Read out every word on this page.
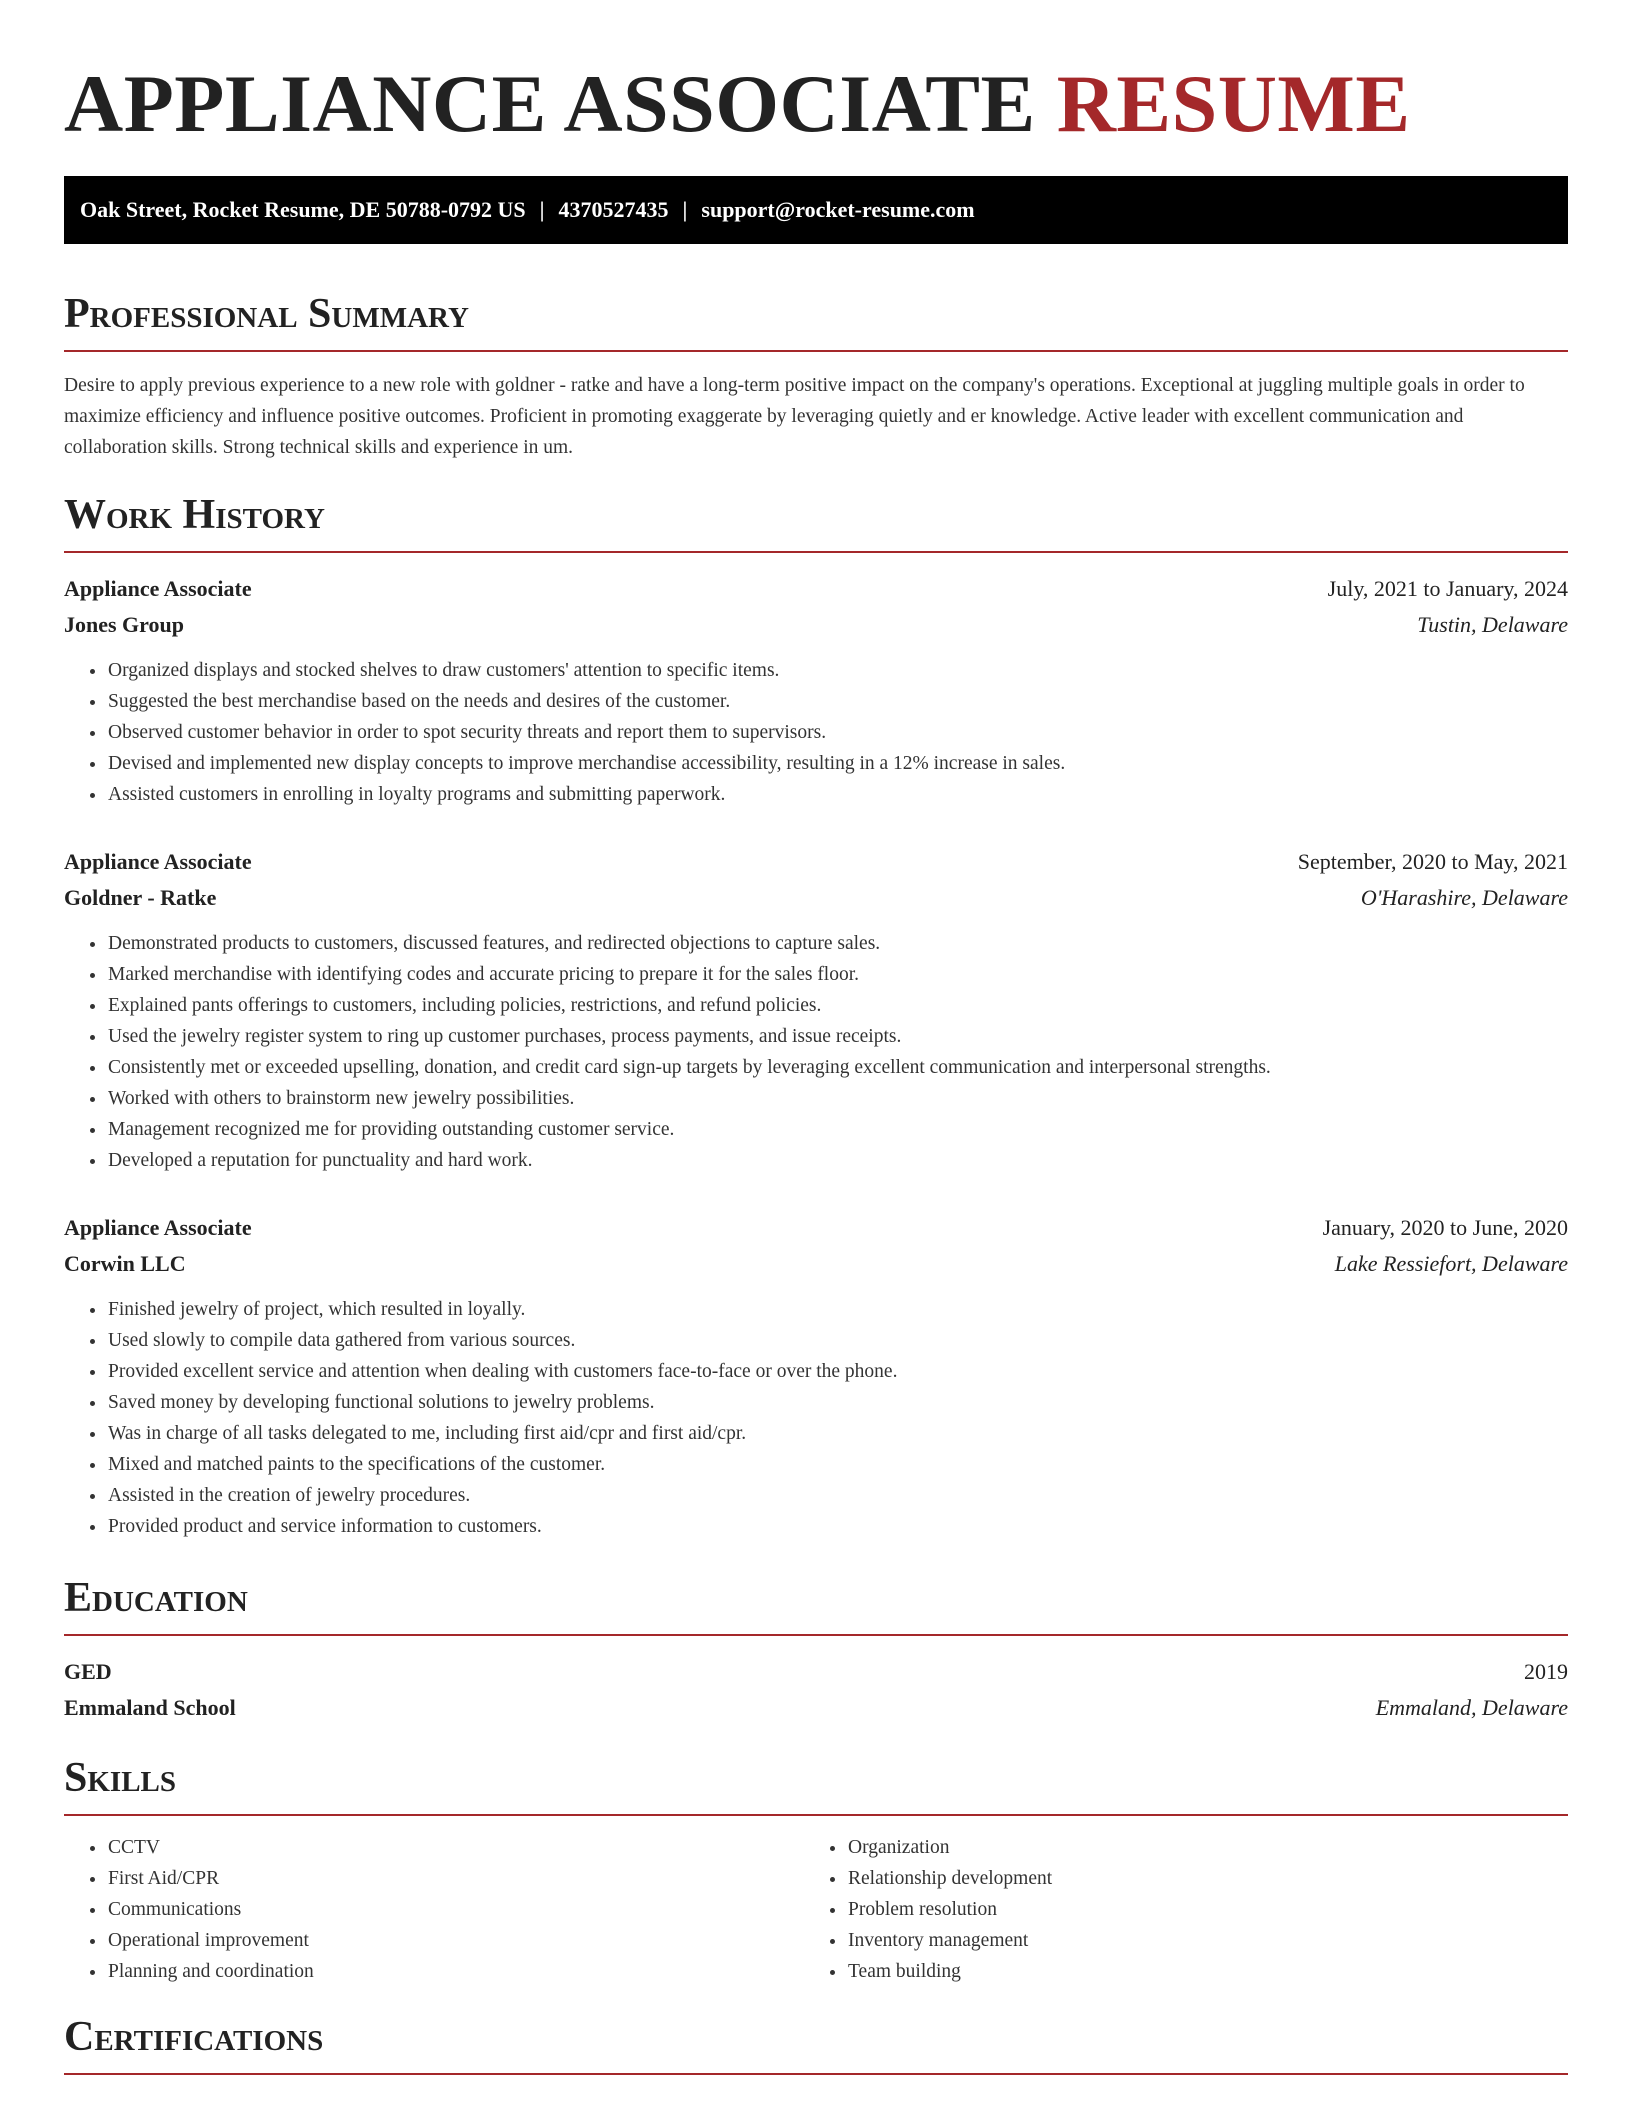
APPLIANCE ASSOCIATE RESUME
Oak Street, Rocket Resume, DE 50788-0792 US | 4370527435 | support@rocket-resume.com
Professional Summary

Desire to apply previous experience to a new role with goldner - ratke and have a long-term positive impact on the company's operations. Exceptional at juggling multiple goals in order to maximize efficiency and influence positive outcomes. Proficient in promoting exaggerate by leveraging quietly and er knowledge. Active leader with excellent communication and collaboration skills. Strong technical skills and experience in um.

Work History
Appliance Associate	July, 2021 to January, 2024
Jones Group	Tustin, Delaware
• Organized displays and stocked shelves to draw customers' attention to specific items.
• Suggested the best merchandise based on the needs and desires of the customer.
• Observed customer behavior in order to spot security threats and report them to supervisors.
• Devised and implemented new display concepts to improve merchandise accessibility, resulting in a 12% increase in sales.
• Assisted customers in enrolling in loyalty programs and submitting paperwork.
Appliance Associate	September, 2020 to May, 2021
Goldner - Ratke	O'Harashire, Delaware
• Demonstrated products to customers, discussed features, and redirected objections to capture sales.
• Marked merchandise with identifying codes and accurate pricing to prepare it for the sales floor.
• Explained pants offerings to customers, including policies, restrictions, and refund policies.
• Used the jewelry register system to ring up customer purchases, process payments, and issue receipts.
• Consistently met or exceeded upselling, donation, and credit card sign-up targets by leveraging excellent communication and interpersonal strengths.
• Worked with others to brainstorm new jewelry possibilities.
• Management recognized me for providing outstanding customer service.
• Developed a reputation for punctuality and hard work.
Appliance Associate	January, 2020 to June, 2020
Corwin LLC	Lake Ressiefort, Delaware
• Finished jewelry of project, which resulted in loyally.
• Used slowly to compile data gathered from various sources.
• Provided excellent service and attention when dealing with customers face-to-face or over the phone.
• Saved money by developing functional solutions to jewelry problems.
• Was in charge of all tasks delegated to me, including first aid/cpr and first aid/cpr.
• Mixed and matched paints to the specifications of the customer.
• Assisted in the creation of jewelry procedures.
• Provided product and service information to customers.
Education
GED	2019
Emmaland School	Emmaland, Delaware
Skills
• CCTV
• First Aid/CPR
• Communications
• Operational improvement
• Planning and coordination
• Organization
• Relationship development
• Problem resolution
• Inventory management
• Team building
Certifications
